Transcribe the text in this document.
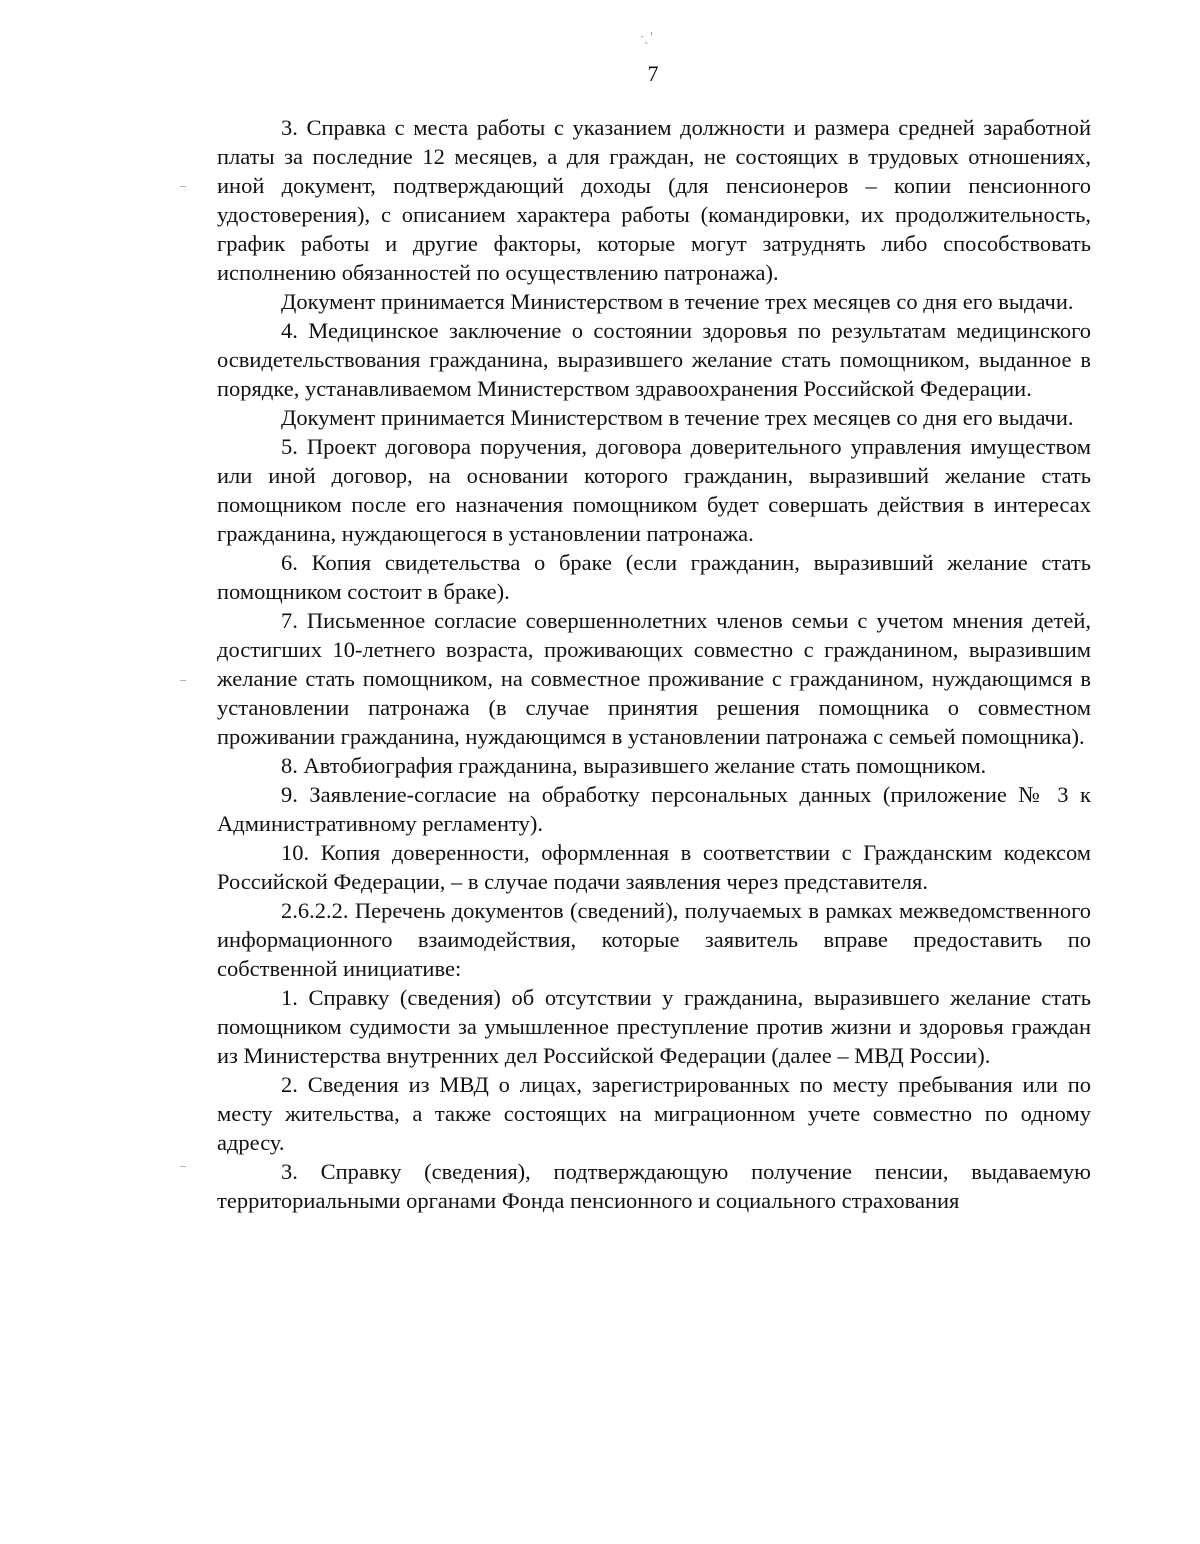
·ˎ'
7

3. Справка с места работы с указанием должности и размера средней заработной платы за последние 12 месяцев, а для граждан, не состоящих в трудовых отношениях, иной документ, подтверждающий доходы (для пенсионеров – копии пенсионного удостоверения), с описанием характера работы (командировки, их продолжительность, график работы и другие факторы, которые могут затруднять либо способствовать исполнению обязанностей по осуществлению патронажа).

Документ принимается Министерством в течение трех месяцев со дня его выдачи.

4. Медицинское заключение о состоянии здоровья по результатам медицинского освидетельствования гражданина, выразившего желание стать помощником, выданное в порядке, устанавливаемом Министерством здравоохранения Российской Федерации.

Документ принимается Министерством в течение трех месяцев со дня его выдачи.

5. Проект договора поручения, договора доверительного управления имуществом или иной договор, на основании которого гражданин, выразивший желание стать помощником после его назначения помощником будет совершать действия в интересах гражданина, нуждающегося в установлении патронажа.

6. Копия свидетельства о браке (если гражданин, выразивший желание стать помощником состоит в браке).

7. Письменное согласие совершеннолетних членов семьи с учетом мнения детей, достигших 10-летнего возраста, проживающих совместно с гражданином, выразившим желание стать помощником, на совместное проживание с гражданином, нуждающимся в установлении патронажа (в случае принятия решения помощника о совместном проживании гражданина, нуждающимся в установлении патронажа с семьей помощника).

8. Автобиография гражданина, выразившего желание стать помощником.

9. Заявление-согласие на обработку персональных данных (приложение № 3 к Административному регламенту).

10. Копия доверенности, оформленная в соответствии с Гражданским кодексом Российской Федерации, – в случае подачи заявления через представителя.

2.6.2.2. Перечень документов (сведений), получаемых в рамках межведомственного информационного взаимодействия, которые заявитель вправе предоставить по собственной инициативе:

1. Справку (сведения) об отсутствии у гражданина, выразившего желание стать помощником судимости за умышленное преступление против жизни и здоровья граждан из Министерства внутренних дел Российской Федерации (далее – МВД России).

2. Сведения из МВД о лицах, зарегистрированных по месту пребывания или по месту жительства, а также состоящих на миграционном учете совместно по одному адресу.

3. Справку (сведения), подтверждающую получение пенсии, выдаваемую территориальными органами Фонда пенсионного и социального страхования
